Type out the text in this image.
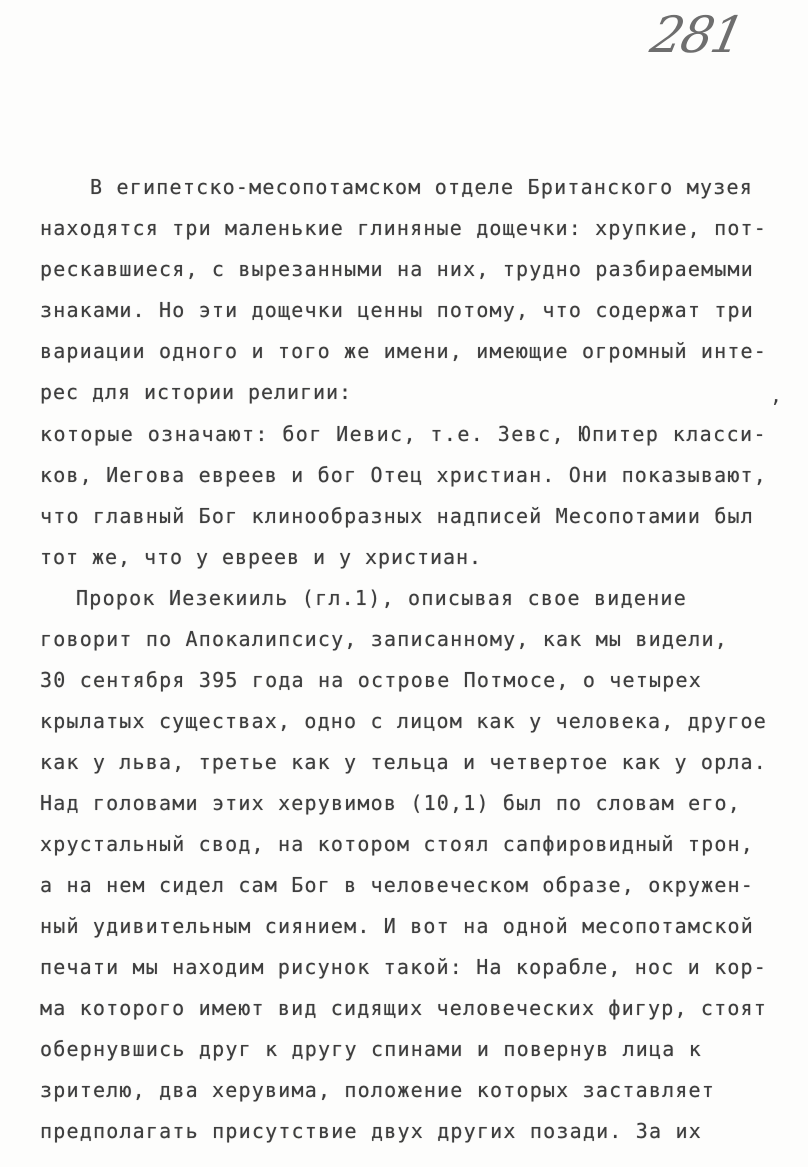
281
В египетско-месопотамском отделе Британского музея
находятся три маленькие глиняные дощечки: хрупкие, пот-
рескавшиеся, с вырезанными на них, трудно разбираемыми
знаками. Но эти дощечки ценны потому, что содержат три
вариации одного и того же имени, имеющие огромный инте-
рес для истории религии:
которые означают: бог Иевис, т.е. Зевс, Юпитер класси-
ков, Иегова евреев и бог Отец христиан. Они показывают,
что главный Бог клинообразных надписей Месопотамии был
тот же, что у евреев и у христиан.
Пророк Иезекииль (гл.1), описывая свое видение
говорит по Апокалипсису, записанному, как мы видели,
30 сентября 395 года на острове Потмосе, о четырех
крылатых существах, одно с лицом как у человека, другое
как у льва, третье как у тельца и четвертое как у орла.
Над головами этих херувимов (10,1) был по словам его,
хрустальный свод, на котором стоял сапфировидный трон,
а на нем сидел сам Бог в человеческом образе, окружен-
ный удивительным сиянием. И вот на одной месопотамской
печати мы находим рисунок такой: На корабле, нос и кор-
ма которого имеют вид сидящих человеческих фигур, стоят
обернувшись друг к другу спинами и повернув лица к
зрителю, два херувима, положение которых заставляет
предполагать присутствие двух других позади. За их
,
